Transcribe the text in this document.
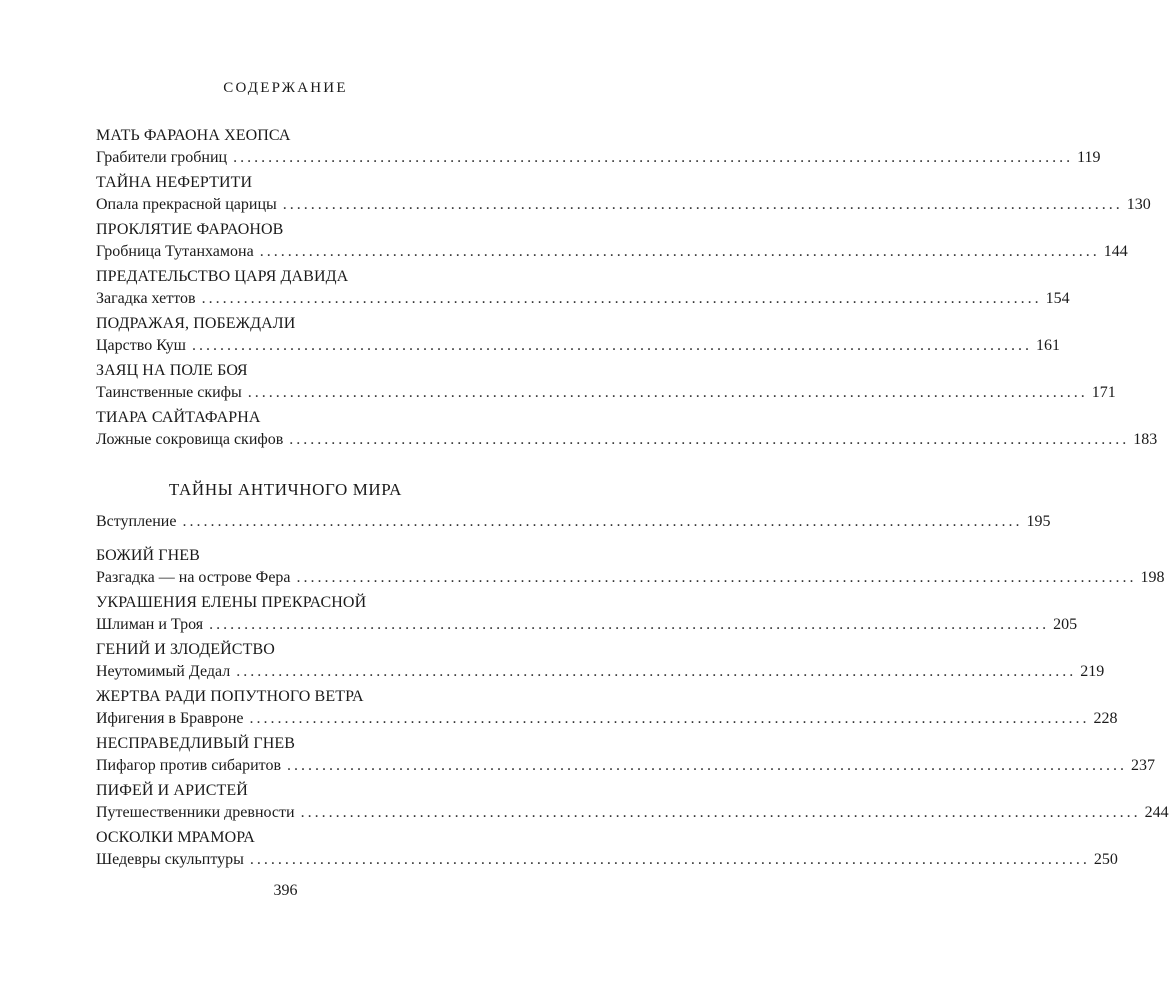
СОДЕРЖАНИЕ
МАТЬ ФАРАОНА ХЕОПСА
Грабители гробниц ........................................................................................................................ 119
ТАЙНА НЕФЕРТИТИ
Опала прекрасной царицы ........................................................................................................................ 130
ПРОКЛЯТИЕ ФАРАОНОВ
Гробница Тутанхамона ........................................................................................................................ 144
ПРЕДАТЕЛЬСТВО ЦАРЯ ДАВИДА
Загадка хеттов ........................................................................................................................ 154
ПОДРАЖАЯ, ПОБЕЖДАЛИ
Царство Куш ........................................................................................................................ 161
ЗАЯЦ НА ПОЛЕ БОЯ
Таинственные скифы ........................................................................................................................ 171
ТИАРА САЙТАФАРНА
Ложные сокровища скифов ........................................................................................................................ 183
ТАЙНЫ АНТИЧНОГО МИРА
Вступление ........................................................................................................................ 195
БОЖИЙ ГНЕВ
Разгадка — на острове Фера ........................................................................................................................ 198
УКРАШЕНИЯ ЕЛЕНЫ ПРЕКРАСНОЙ
Шлиман и Троя ........................................................................................................................ 205
ГЕНИЙ И ЗЛОДЕЙСТВО
Неутомимый Дедал ........................................................................................................................ 219
ЖЕРТВА РАДИ ПОПУТНОГО ВЕТРА
Ифигения в Бравроне ........................................................................................................................ 228
НЕСПРАВЕДЛИВЫЙ ГНЕВ
Пифагор против сибаритов ........................................................................................................................ 237
ПИФЕЙ И АРИСТЕЙ
Путешественники древности ........................................................................................................................ 244
ОСКОЛКИ МРАМОРА
Шедевры скульптуры ........................................................................................................................ 250
396
